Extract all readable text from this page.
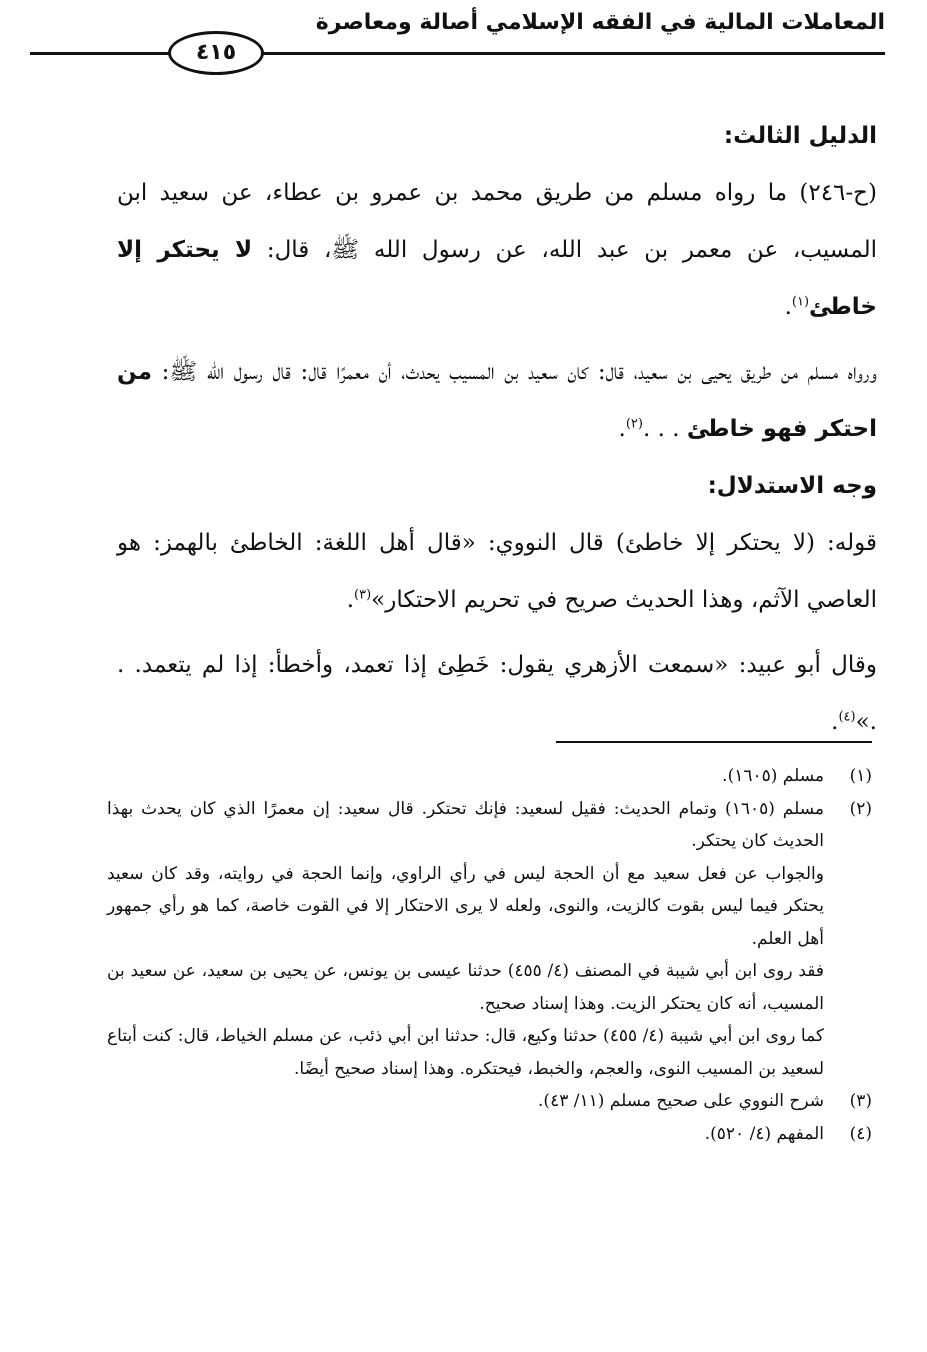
المعاملات المالية في الفقه الإسلامي أصالة ومعاصرة
٤١٥

الدليل الثالث:

(ح-٢٤٦) ما رواه مسلم من طريق محمد بن عمرو بن عطاء، عن سعيد ابن المسيب، عن معمر بن عبد الله، عن رسول الله ﷺ، قال: لا يحتكر إلا خاطئ$^{(١)}$.

ورواه مسلم من طريق يحيى بن سعيد، قال: كان سعيد بن المسيب يحدث، أن معمرًا قال: قال رسول الله ﷺ: من احتكر فهو خاطئ . . .$^{(٢)}$.

وجه الاستدلال:

قوله: (لا يحتكر إلا خاطئ) قال النووي: «قال أهل اللغة: الخاطئ بالهمز: هو العاصي الآثم، وهذا الحديث صريح في تحريم الاحتكار»$^{(٣)}$.

وقال أبو عبيد: «سمعت الأزهري يقول: خَطِئ إذا تعمد، وأخطأ: إذا لم يتعمد. . .»$^{(٤)}$.

(١)
مسلم (١٦٠٥).
(٢)
مسلم (١٦٠٥) وتمام الحديث: فقيل لسعيد: فإنك تحتكر. قال سعيد: إن معمرًا الذي كان يحدث بهذا الحديث كان يحتكر.
والجواب عن فعل سعيد مع أن الحجة ليس في رأي الراوي، وإنما الحجة في روايته، وقد كان سعيد يحتكر فيما ليس بقوت كالزيت، والنوى، ولعله لا يرى الاحتكار إلا في القوت خاصة، كما هو رأي جمهور أهل العلم.
فقد روى ابن أبي شيبة في المصنف (٤/ ٤٥٥) حدثنا عيسى بن يونس، عن يحيى بن سعيد، عن سعيد بن المسيب، أنه كان يحتكر الزيت. وهذا إسناد صحيح.
كما روى ابن أبي شيبة (٤/ ٤٥٥) حدثنا وكيع، قال: حدثنا ابن أبي ذئب، عن مسلم الخياط، قال: كنت أبتاع لسعيد بن المسيب النوى، والعجم، والخبط، فيحتكره. وهذا إسناد صحيح أيضًا.
(٣)
شرح النووي على صحيح مسلم (١١/ ٤٣).
(٤)
المفهم (٤/ ٥٢٠).
